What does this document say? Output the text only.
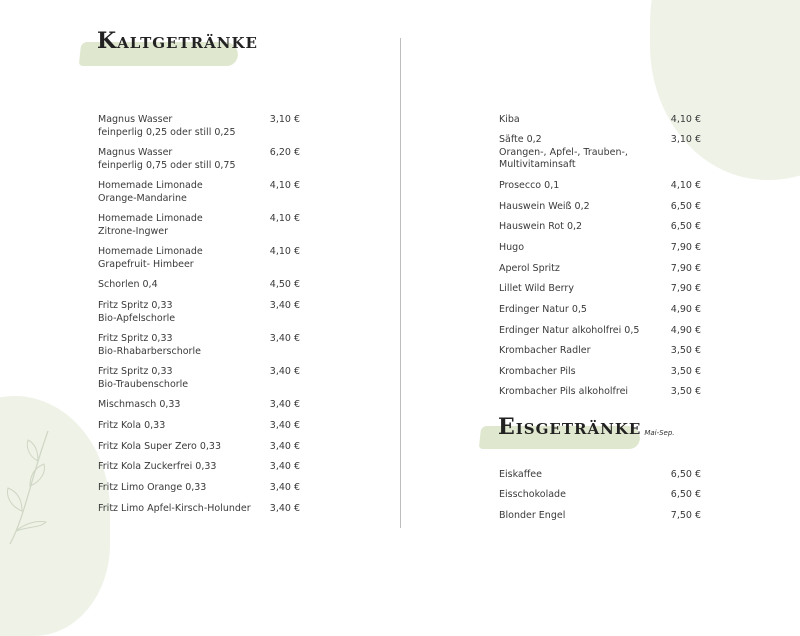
Kaltgetränke
Eisgetränke Mai-Sep.
Magnus Wasser
feinperlig 0,25 oder still 0,25
3,10 €
Magnus Wasser
feinperlig 0,75 oder still 0,75
6,20 €
Homemade Limonade
Orange-Mandarine
4,10 €
Homemade Limonade
Zitrone-Ingwer
4,10 €
Homemade Limonade
Grapefruit- Himbeer
4,10 €
Schorlen 0,4	4,50 €
Fritz Spritz 0,33
Bio-Apfelschorle
3,40 €
Fritz Spritz 0,33
Bio-Rhabarberschorle
3,40 €
Fritz Spritz 0,33
Bio-Traubenschorle
3,40 €
Mischmasch 0,33	3,40 €
Fritz Kola 0,33	3,40 €
Fritz Kola Super Zero 0,33	3,40 €
Fritz Kola Zuckerfrei 0,33	3,40 €
Fritz Limo Orange 0,33	3,40 €
Fritz Limo Apfel-Kirsch-Holunder	3,40 €
Kiba	4,10 €
Säfte 0,2
Orangen-, Apfel-, Trauben-,
Multivitaminsaft
3,10 €
Prosecco 0,1	4,10 €
Hauswein Weiß 0,2	6,50 €
Hauswein Rot 0,2	6,50 €
Hugo	7,90 €
Aperol Spritz	7,90 €
Lillet Wild Berry	7,90 €
Erdinger Natur 0,5	4,90 €
Erdinger Natur alkoholfrei 0,5	4,90 €
Krombacher Radler	3,50 €
Krombacher Pils	3,50 €
Krombacher Pils alkoholfrei	3,50 €
Eiskaffee	6,50 €
Eisschokolade	6,50 €
Blonder Engel	7,50 €
